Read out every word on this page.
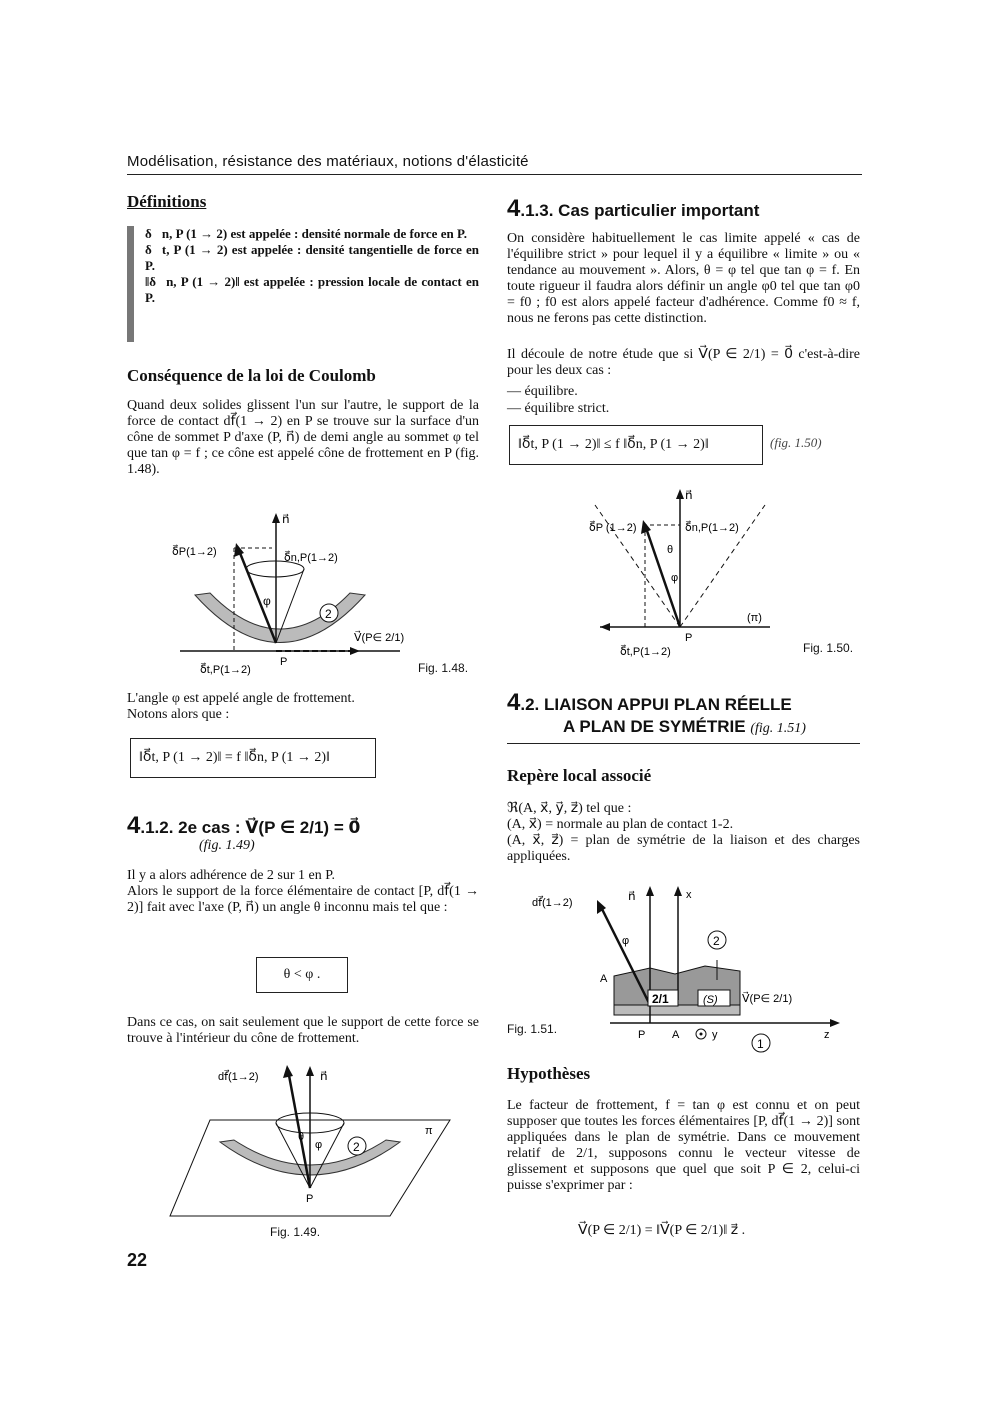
Modélisation, résistance des matériaux, notions d'élasticité
Définitions
δ⃗n, P (1 → 2) est appelée : densité normale de force en P.
δ⃗t, P (1 → 2) est appelée : densité tangentielle de force en P.
‖δ⃗n, P (1 → 2)‖ est appelée : pression locale de contact en P.
Conséquence de la loi de Coulomb
Quand deux solides glissent l'un sur l'autre, le support de la force de contact df⃗(1 → 2) en P se trouve sur la surface d'un cône de sommet P d'axe (P, n⃗) de demi angle au sommet φ tel que tan φ = f ; ce cône est appelé cône de frottement en P (fig. 1.48).
n⃗
δ⃗P(1→2)	δ⃗n,P(1→2)
φ
2
V⃗(P∈ 2/1)
P
δ⃗t,P(1→2)	Fig. 1.48.
L'angle φ est appelé angle de frottement.
Notons alors que :
‖δ⃗t, P (1 → 2)‖ = f ‖δ⃗n, P (1 → 2)‖
4.1.2. 2e cas : V⃗(P ∈ 2/1) = 0⃗
(fig. 1.49)
Il y a alors adhérence de 2 sur 1 en P.
Alors le support de la force élémentaire de contact [P, df⃗(1 → 2)] fait avec l'axe (P, n⃗) un angle θ inconnu mais tel que :
θ < φ .
Dans ce cas, on sait seulement que le support de cette force se trouve à l'intérieur du cône de frottement.
df⃗(1→2)	n⃗
θ
φ	2
π
P
Fig. 1.49.
22
4.1.3. Cas particulier important
On considère habituellement le cas limite appelé « cas de l'équilibre strict » pour lequel il y a équilibre « limite » ou « tendance au mouvement ». Alors, θ = φ tel que tan φ = f. En toute rigueur il faudra alors définir un angle φ0 tel que tan φ0 = f0 ; f0 est alors appelé facteur d'adhérence. Comme f0 ≈ f, nous ne ferons pas cette distinction.
Il découle de notre étude que si V⃗(P ∈ 2/1) = 0⃗ c'est-à-dire pour les deux cas :
— équilibre.
— équilibre strict.
‖δ⃗t, P (1 → 2)‖ ≤ f ‖δ⃗n, P (1 → 2)‖	(fig. 1.50)
n⃗
δ⃗P (1→2)	δ⃗n,P(1→2)
θ
φ
(π)
P
δ⃗t,P(1→2)	Fig. 1.50.
4.2. LIAISON APPUI PLAN RÉELLE
A PLAN DE SYMÉTRIE (fig. 1.51)
Repère local associé
ℜ(A, x⃗, y⃗, z⃗) tel que :
(A, x⃗) = normale au plan de contact 1-2.
(A, x⃗, z⃗) = plan de symétrie de la liaison et des charges appliquées.
df⃗(1→2)	n⃗	x
φ	2
A
2/1	(S) V⃗(P∈ 2/1)
P A	y	z
1
Fig. 1.51.
Hypothèses
Le facteur de frottement, f = tan φ est connu et on peut supposer que toutes les forces élémentaires [P, df⃗(1 → 2)] sont appliquées dans le plan de symétrie. Dans ce mouvement relatif de 2/1, supposons connu le vecteur vitesse de glissement et supposons que quel que soit P ∈ 2, celui-ci puisse s'exprimer par :
V⃗(P ∈ 2/1) = ‖V⃗(P ∈ 2/1)‖ z⃗ .
